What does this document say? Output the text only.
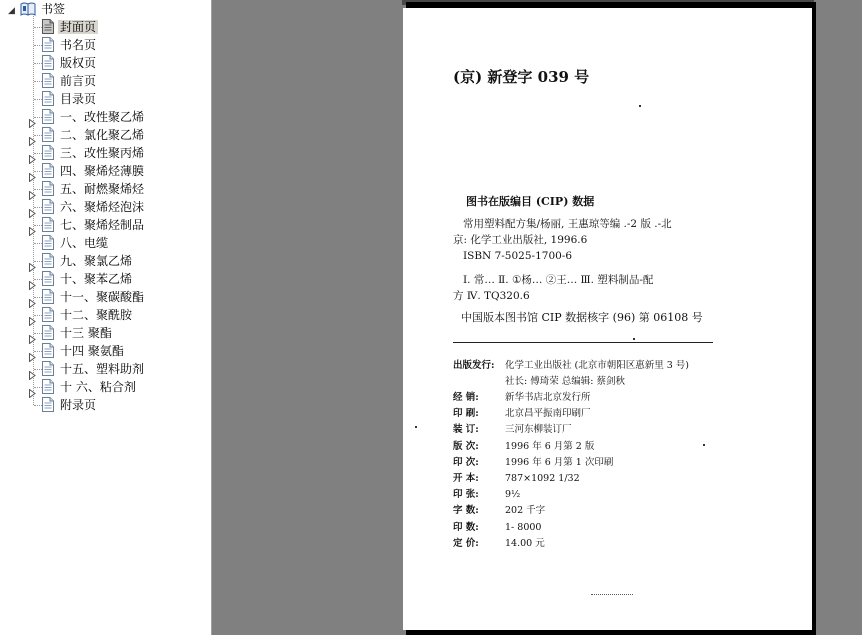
◢ 书签
封面页
书名页
版权页
前言页
目录页
一、改性聚乙烯
二、氯化聚乙烯
三、改性聚丙烯
四、聚烯烃薄膜
五、耐燃聚烯烃
六、聚烯烃泡沫
七、聚烯烃制品
八、电缆
九、聚氯乙烯
十、聚苯乙烯
十一、聚碳酸酯
十二、聚酰胺
十三 聚酯
十四 聚氨酯
十五、塑料助剂
十 六、粘合剂
附录页
(京) 新登字 039 号
图书在版编目 (CIP) 数据
常用塑料配方集/杨丽, 王惠琼等编 .-2 版 .-北
京: 化学工业出版社, 1996.6
ISBN 7-5025-1700-6
Ⅰ. 常… Ⅱ. ①杨… ②王… Ⅲ. 塑料制品-配
方 Ⅳ. TQ320.6
中国版本图书馆 CIP 数据核字 (96) 第 06108 号
出版发行: 化学工业出版社 (北京市朝阳区惠新里 3 号)
社长: 傅琦荣 总编辑: 蔡剑秋
经 销:	新华书店北京发行所
印 刷:	北京昌平振南印刷厂
装 订:	三河东柳装订厂
版 次:	1996 年 6 月第 2 版
印 次:	1996 年 6 月第 1 次印刷
开 本:	787×1092 1/32
印 张:	9½
字 数:	202 千字
印 数:	1- 8000
定 价:	14.00 元
